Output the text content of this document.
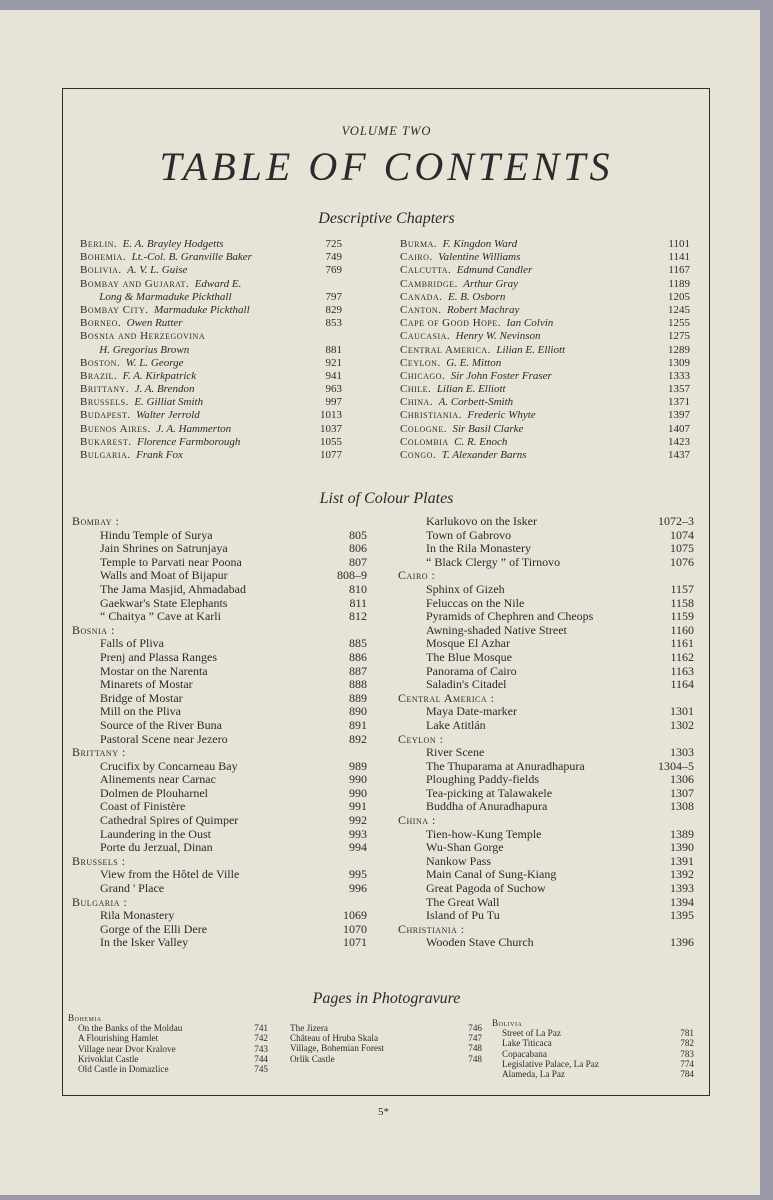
VOLUME TWO
TABLE OF CONTENTS
Descriptive Chapters
Berlin. E. A. Brayley Hodgetts	725
Bohemia. Lt.-Col. B. Granville Baker	749
Bolivia. A. V. L. Guise	769
Bombay and Gujarat. Edward E.
Long & Marmaduke Pickthall	797
Bombay City. Marmaduke Pickthall	829
Borneo. Owen Rutter	853
Bosnia and Herzegovina
H. Gregorius Brown	881
Boston. W. L. George	921
Brazil. F. A. Kirkpatrick	941
Brittany. J. A. Brendon	963
Brussels. E. Gilliat Smith	997
Budapest. Walter Jerrold	1013
Buenos Aires. J. A. Hammerton	1037
Bukarest. Florence Farmborough	1055
Bulgaria. Frank Fox	1077
Burma. F. Kingdon Ward	1101
Cairo. Valentine Williams	1141
Calcutta. Edmund Candler	1167
Cambridge. Arthur Gray	1189
Canada. E. B. Osborn	1205
Canton. Robert Machray	1245
Cape of Good Hope. Ian Colvin	1255
Caucasia. Henry W. Nevinson	1275
Central America. Lilian E. Elliott	1289
Ceylon. G. E. Mitton	1309
Chicago. Sir John Foster Fraser	1333
Chile. Lilian E. Elliott	1357
China. A. Corbett-Smith	1371
Christiania. Frederic Whyte	1397
Cologne. Sir Basil Clarke	1407
Colombia C. R. Enoch	1423
Congo. T. Alexander Barns	1437
List of Colour Plates
Bombay :
Hindu Temple of Surya	805
Jain Shrines on Satrunjaya	806
Temple to Parvati near Poona	807
Walls and Moat of Bijapur	808–9
The Jama Masjid, Ahmadabad	810
Gaekwar's State Elephants	811
“ Chaitya ” Cave at Karli	812
Bosnia :
Falls of Pliva	885
Prenj and Plassa Ranges	886
Mostar on the Narenta	887
Minarets of Mostar	888
Bridge of Mostar	889
Mill on the Pliva	890
Source of the River Buna	891
Pastoral Scene near Jezero	892
Brittany :
Crucifix by Concarneau Bay	989
Alinements near Carnac	990
Dolmen de Plouharnel	990
Coast of Finistère	991
Cathedral Spires of Quimper	992
Laundering in the Oust	993
Porte du Jerzual, Dinan	994
Brussels :
View from the Hôtel de Ville	995
Grand ' Place	996
Bulgaria :
Rila Monastery	1069
Gorge of the Elli Dere	1070
In the Isker Valley	1071
Karlukovo on the Isker	1072–3
Town of Gabrovo	1074
In the Rila Monastery	1075
“ Black Clergy ” of Tirnovo	1076
Cairo :
Sphinx of Gizeh	1157
Feluccas on the Nile	1158
Pyramids of Chephren and Cheops	1159
Awning-shaded Native Street	1160
Mosque El Azhar	1161
The Blue Mosque	1162
Panorama of Cairo	1163
Saladin's Citadel	1164
Central America :
Maya Date-marker	1301
Lake Atitlán	1302
Ceylon :
River Scene	1303
The Thuparama at Anuradhapura	1304–5
Ploughing Paddy-fields	1306
Tea-picking at Talawakele	1307
Buddha of Anuradhapura	1308
China :
Tien-how-Kung Temple	1389
Wu-Shan Gorge	1390
Nankow Pass	1391
Main Canal of Sung-Kiang	1392
Great Pagoda of Suchow	1393
The Great Wall	1394
Island of Pu Tu	1395
Christiania :
Wooden Stave Church	1396
Pages in Photogravure
Bohemia
On the Banks of the Moldau	741
A Flourishing Hamlet	742
Village near Dvor Kralove	743
Krivoklat Castle	744
Old Castle in Domazlice	745
The Jizera	746
Château of Hruba Skala	747
Village, Bohemian Forest	748
Orlik Castle	748
Bolivia
Street of La Paz	781
Lake Titicaca	782
Copacabana	783
Legislative Palace, La Paz	774
Alameda, La Paz	784
5*
